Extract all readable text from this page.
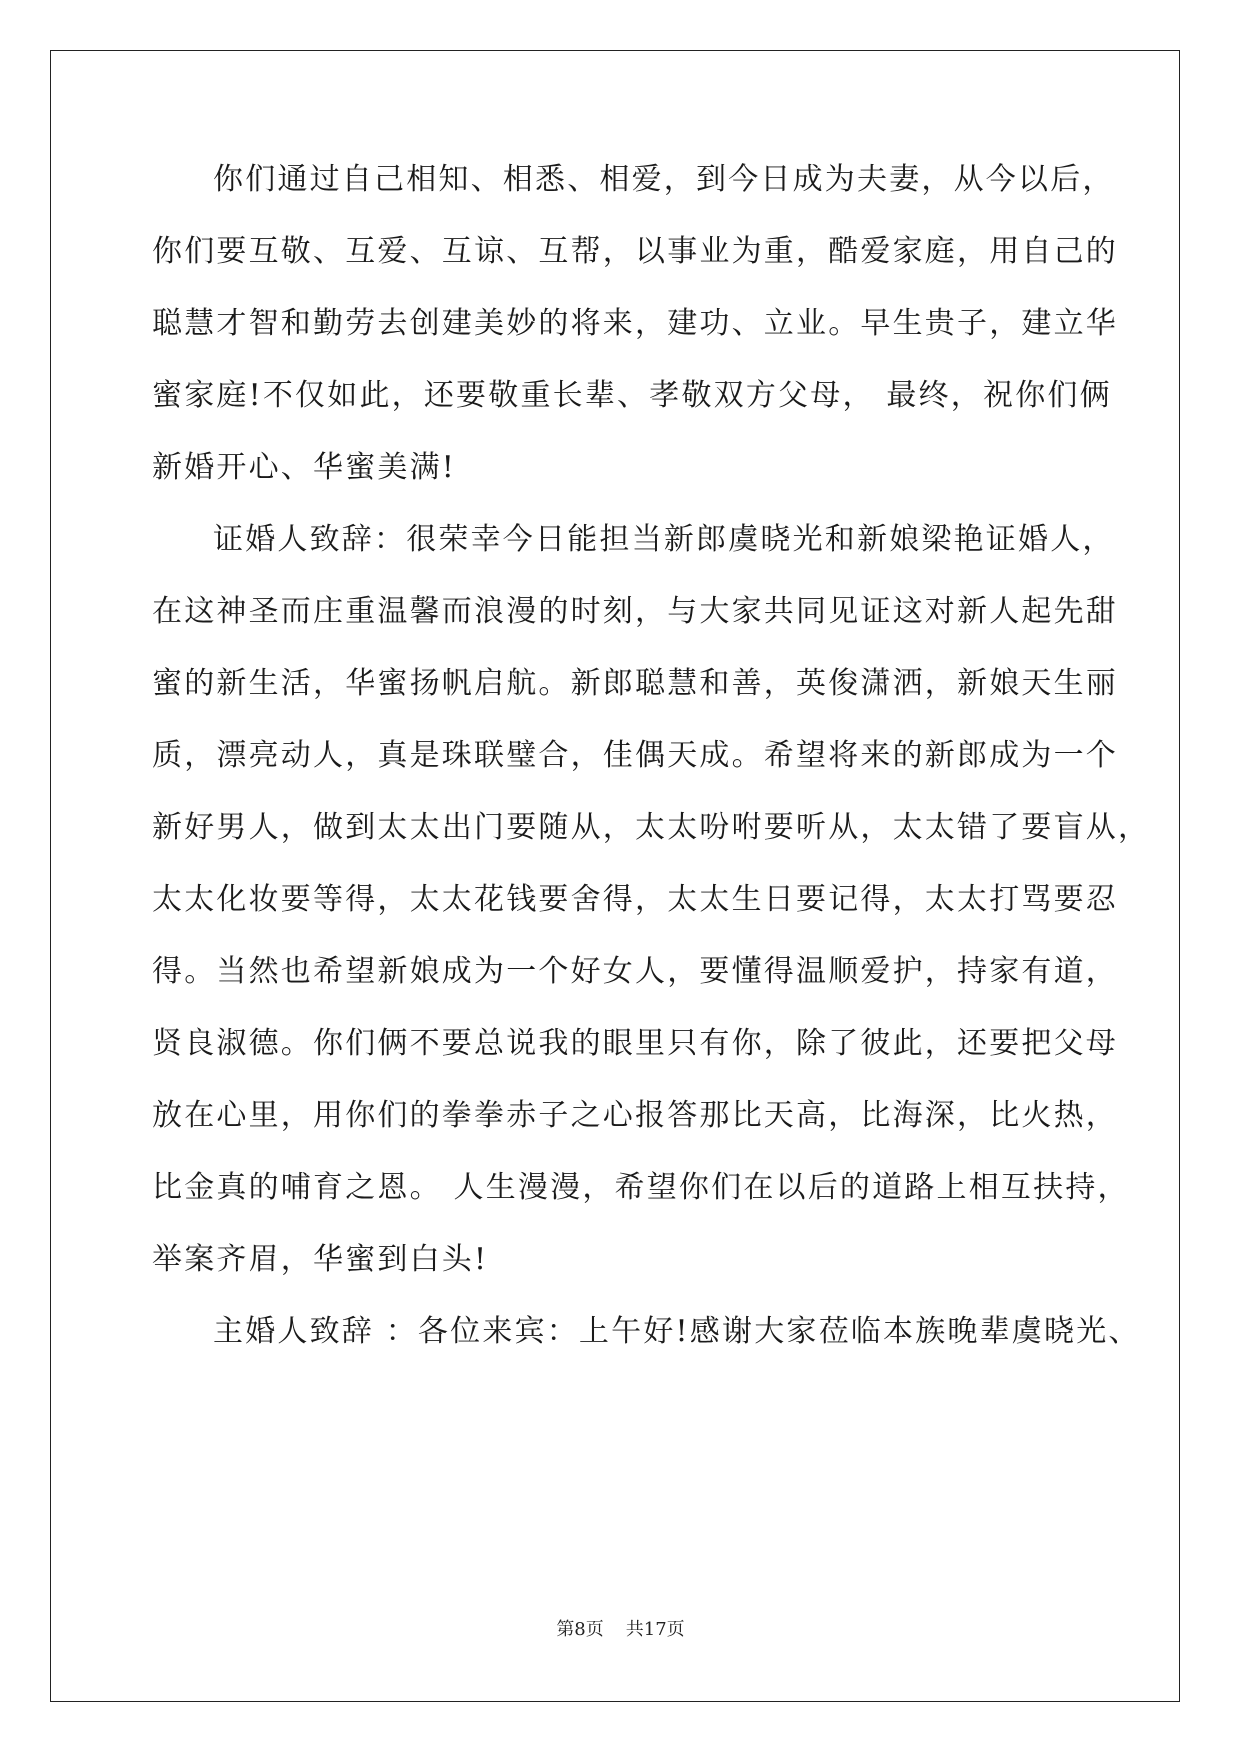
你们通过自己相知、相悉、相爱，到今日成为夫妻，从今以后，
你们要互敬、互爱、互谅、互帮，以事业为重，酷爱家庭，用自己的
聪慧才智和勤劳去创建美妙的将来，建功、立业。早生贵子，建立华
蜜家庭!不仅如此，还要敬重长辈、孝敬双方父母， 最终，祝你们俩
新婚开心、华蜜美满!
证婚人致辞：很荣幸今日能担当新郎虞晓光和新娘梁艳证婚人，
在这神圣而庄重温馨而浪漫的时刻，与大家共同见证这对新人起先甜
蜜的新生活，华蜜扬帆启航。新郎聪慧和善，英俊潇洒，新娘天生丽
质，漂亮动人，真是珠联璧合，佳偶天成。希望将来的新郎成为一个
新好男人，做到太太出门要随从，太太吩咐要听从，太太错了要盲从，
太太化妆要等得，太太花钱要舍得，太太生日要记得，太太打骂要忍
得。当然也希望新娘成为一个好女人，要懂得温顺爱护，持家有道，
贤良淑德。你们俩不要总说我的眼里只有你，除了彼此，还要把父母
放在心里，用你们的拳拳赤子之心报答那比天高，比海深，比火热，
比金真的哺育之恩。 人生漫漫，希望你们在以后的道路上相互扶持，
举案齐眉，华蜜到白头!
主婚人致辞 ：各位来宾：上午好!感谢大家莅临本族晚辈虞晓光、
第8页 共17页
